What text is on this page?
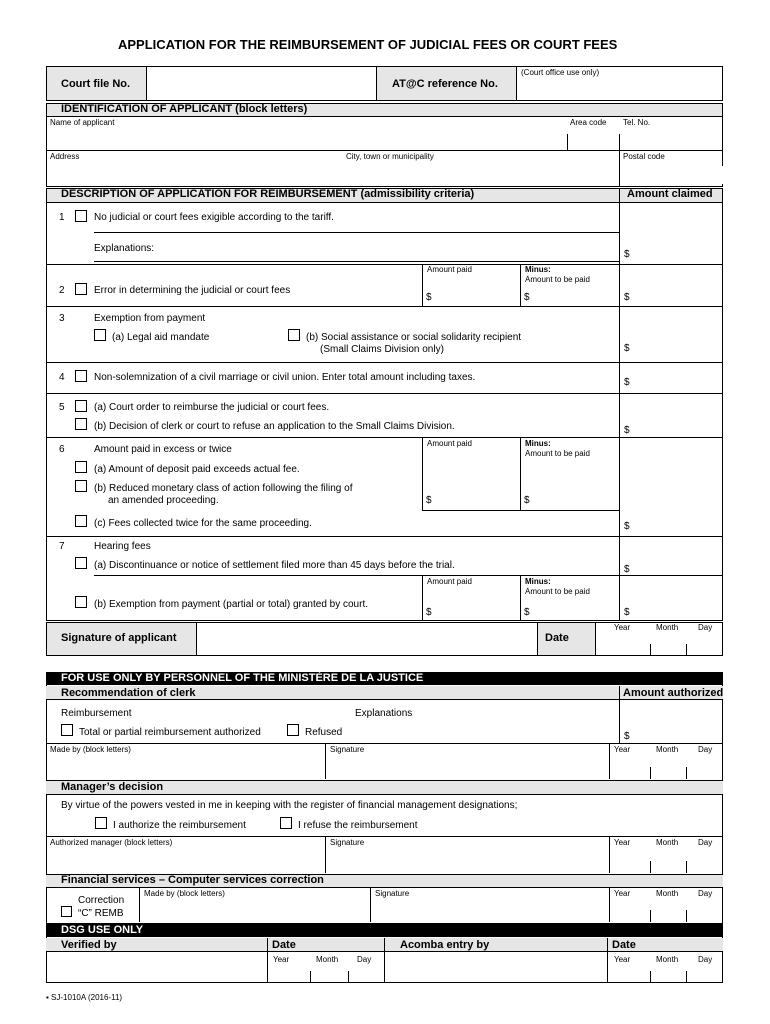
APPLICATION FOR THE REIMBURSEMENT OF JUDICIAL FEES OR COURT FEES
Court file No.	AT@C reference No.
(Court office use only)
IDENTIFICATION OF APPLICANT (block letters)
Name of applicant	Area code Tel. No.
Address	City, town or municipality	Postal code
DESCRIPTION OF APPLICATION FOR REIMBURSEMENT (admissibility criteria)	Amount claimed
1	No judicial or court fees exigible according to the tariff.
Explanations:
$
Amount paid	Minus:
Amount to be paid
2	Error in determining the judicial or court fees
$	$	$
3	Exemption from payment
(a) Legal aid mandate	(b) Social assistance or social solidarity recipient
(Small Claims Division only)	$
4	Non-solemnization of a civil marriage or civil union. Enter total amount including taxes.	$
5	(a) Court order to reimburse the judicial or court fees.
(b) Decision of clerk or court to refuse an application to the Small Claims Division.	$
Amount paid	Minus:
Amount to be paid
6	Amount paid in excess or twice
(a) Amount of deposit paid exceeds actual fee.
(b) Reduced monetary class of action following the filing of
an amended proceeding.	$	$
(c) Fees collected twice for the same proceeding.	$
7	Hearing fees
(a) Discontinuance or notice of settlement filed more than 45 days before the trial.	$
Amount paid	Minus:
Amount to be paid
(b) Exemption from payment (partial or total) granted by court.
$	$	$
Signature of applicant	Date
Year	Month Day
FOR USE ONLY BY PERSONNEL OF THE MINISTÈRE DE LA JUSTICE
Recommendation of clerk	Amount authorized
Reimbursement	Explanations
Total or partial reimbursement authorized	Refused	$
Made by (block letters)	Signature	Year	Month Day
Manager’s decision
By virtue of the powers vested in me in keeping with the register of financial management designations;
I authorize the reimbursement	I refuse the reimbursement
Authorized manager (block letters)	Signature	Year	Month Day
Financial services – Computer services correction
Correction
“C” REMB
Made by (block letters)	Signature	Year	Month Day
DSG USE ONLY
Verified by	Date	Acomba entry by	Date
Year	Month Day	Year	Month Day
▪ SJ-1010A (2016-11)
